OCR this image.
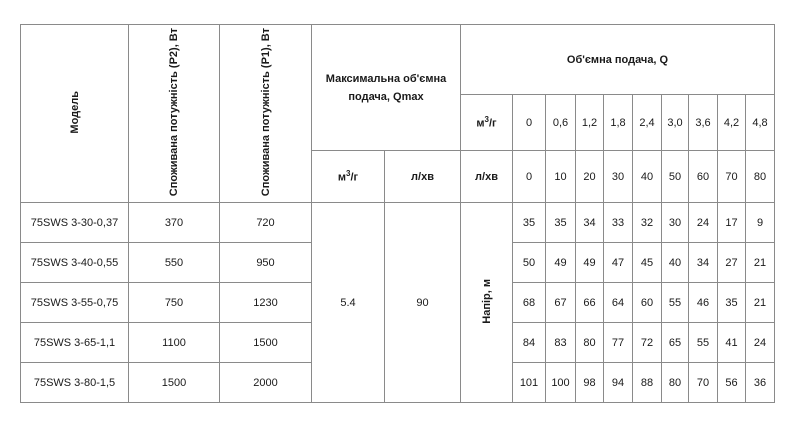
Модель	Споживана потужність (P2), Вт	Споживана потужність (P1), Вт	Максимальна об'ємна подача, Qmax		Об'ємна подача, Q									
					$м^3/г$	0	0,6	1,2	1,8	2,4	3,0	3,6	4,2	4,8
			$м^3/г$	л/хв	л/хв	0	10	20	30	40	50	60	70	80
75SWS 3-30-0,37	370	720	5.4	90	Напір, м	35	35	34	33	32	30	24	17	9
75SWS 3-40-0,55	550	950				50	49	49	47	45	40	34	27	21
75SWS 3-55-0,75	750	1230				68	67	66	64	60	55	46	35	21
75SWS 3-65-1,1	1100	1500				84	83	80	77	72	65	55	41	24
75SWS 3-80-1,5	1500	2000				101	100	98	94	88	80	70	56	36
